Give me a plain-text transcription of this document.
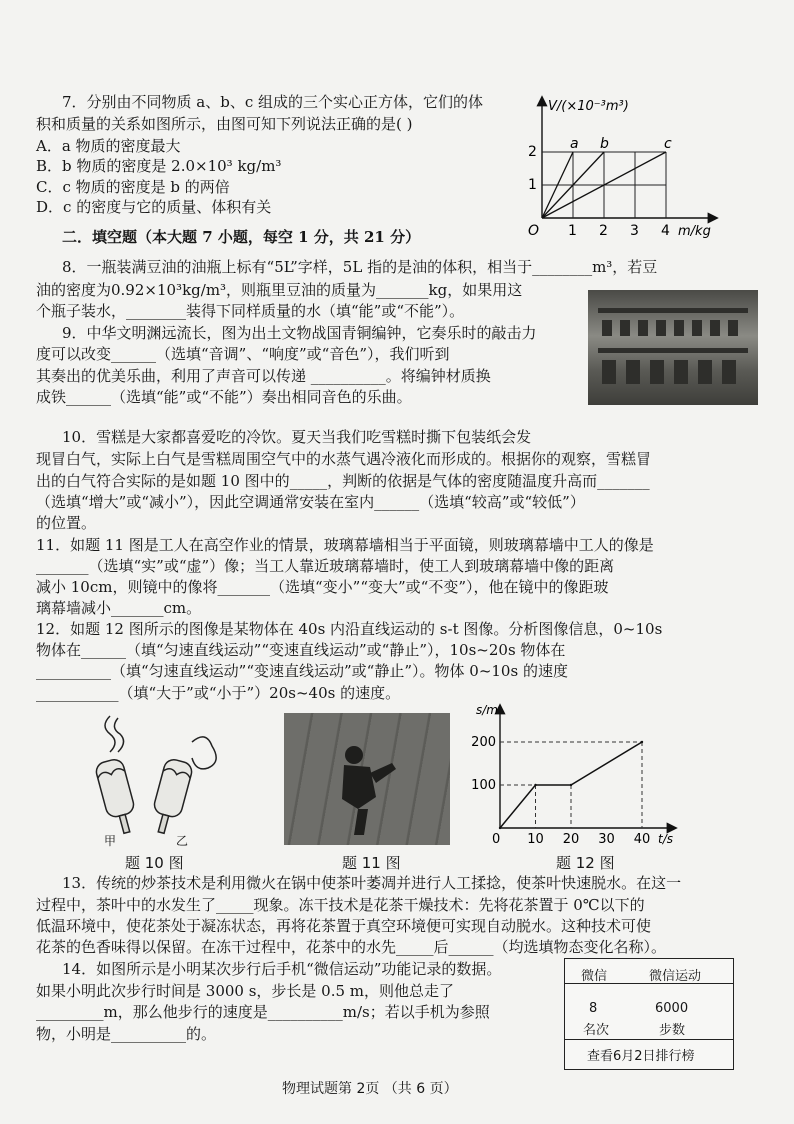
7．分别由不同物质 a、b、c 组成的三个实心正方体，它们的体
积和质量的关系如图所示，由图可知下列说法正确的是( )
A．a 物质的密度最大
B．b 物质的密度是 2.0×10³ kg/m³
C．c 物质的密度是 b 的两倍
D．c 的密度与它的质量、体积有关
V/(×10⁻³m³)
O 1 2 3 4 m/kg
1
2 a b	c
二．填空题（本大题 7 小题，每空 1 分，共 21 分）
8．一瓶装满豆油的油瓶上标有“5L”字样，5L 指的是油的体积，相当于________m³，若豆
油的密度为0.92×10³kg/m³，则瓶里豆油的质量为_______kg，如果用这
个瓶子装水，________装得下同样质量的水（填“能”或“不能”）。
9．中华文明渊远流长，图为出土文物战国青铜编钟，它奏乐时的敲击力
度可以改变______（选填“音调”、“响度”或“音色”），我们听到
其奏出的优美乐曲，利用了声音可以传递 __________。将编钟材质换
成铁______（选填“能”或“不能”）奏出相同音色的乐曲。
10．雪糕是大家都喜爱吃的冷饮。夏天当我们吃雪糕时撕下包装纸会发
现冒白气，实际上白气是雪糕周围空气中的水蒸气遇冷液化而形成的。根据你的观察，雪糕冒
出的白气符合实际的是如题 10 图中的_____，判断的依据是气体的密度随温度升高而_______
（选填“增大”或“减小”），因此空调通常安装在室内______（选填“较高”或“较低”）
的位置。
11．如题 11 图是工人在高空作业的情景，玻璃幕墙相当于平面镜，则玻璃幕墙中工人的像是
_______（选填“实”或“虚”）像；当工人靠近玻璃幕墙时，使工人到玻璃幕墙中像的距离
减小 10cm，则镜中的像将_______（选填“变小”“变大”或“不变”），他在镜中的像距玻
璃幕墙减小_______cm。
12．如题 12 图所示的图像是某物体在 40s 内沿直线运动的 s-t 图像。分析图像信息，0~10s
物体在______（填“匀速直线运动”“变速直线运动”或“静止”），10s~20s 物体在
__________（填“匀速直线运动”“变速直线运动”或“静止”）。物体 0~10s 的速度
___________（填“大于”或“小于”）20s~40s 的速度。
甲	乙
题 10 图	题 11 图
s/m
0 10 20 30 40 t/s
100
200
题 12 图
13．传统的炒茶技术是利用微火在锅中使茶叶萎凋并进行人工揉捻，使茶叶快速脱水。在这一
过程中，茶叶中的水发生了_____现象。冻干技术是花茶干燥技术：先将花茶置于 0℃以下的
低温环境中，使花茶处于凝冻状态，再将花茶置于真空环境便可实现自动脱水。这种技术可使
花茶的色香味得以保留。在冻干过程中，花茶中的水先_____后______（均选填物态变化名称）。
14．如图所示是小明某次步行后手机“微信运动”功能记录的数据。
如果小明此次步行时间是 3000 s，步长是 0.5 m，则他总走了
_________m，那么他步行的速度是__________m/s；若以手机为参照
物，小明是__________的。
微信	微信运动
8	6000
名次	步数
查看6月2日排行榜
物理试题第 2页 （共 6 页）
